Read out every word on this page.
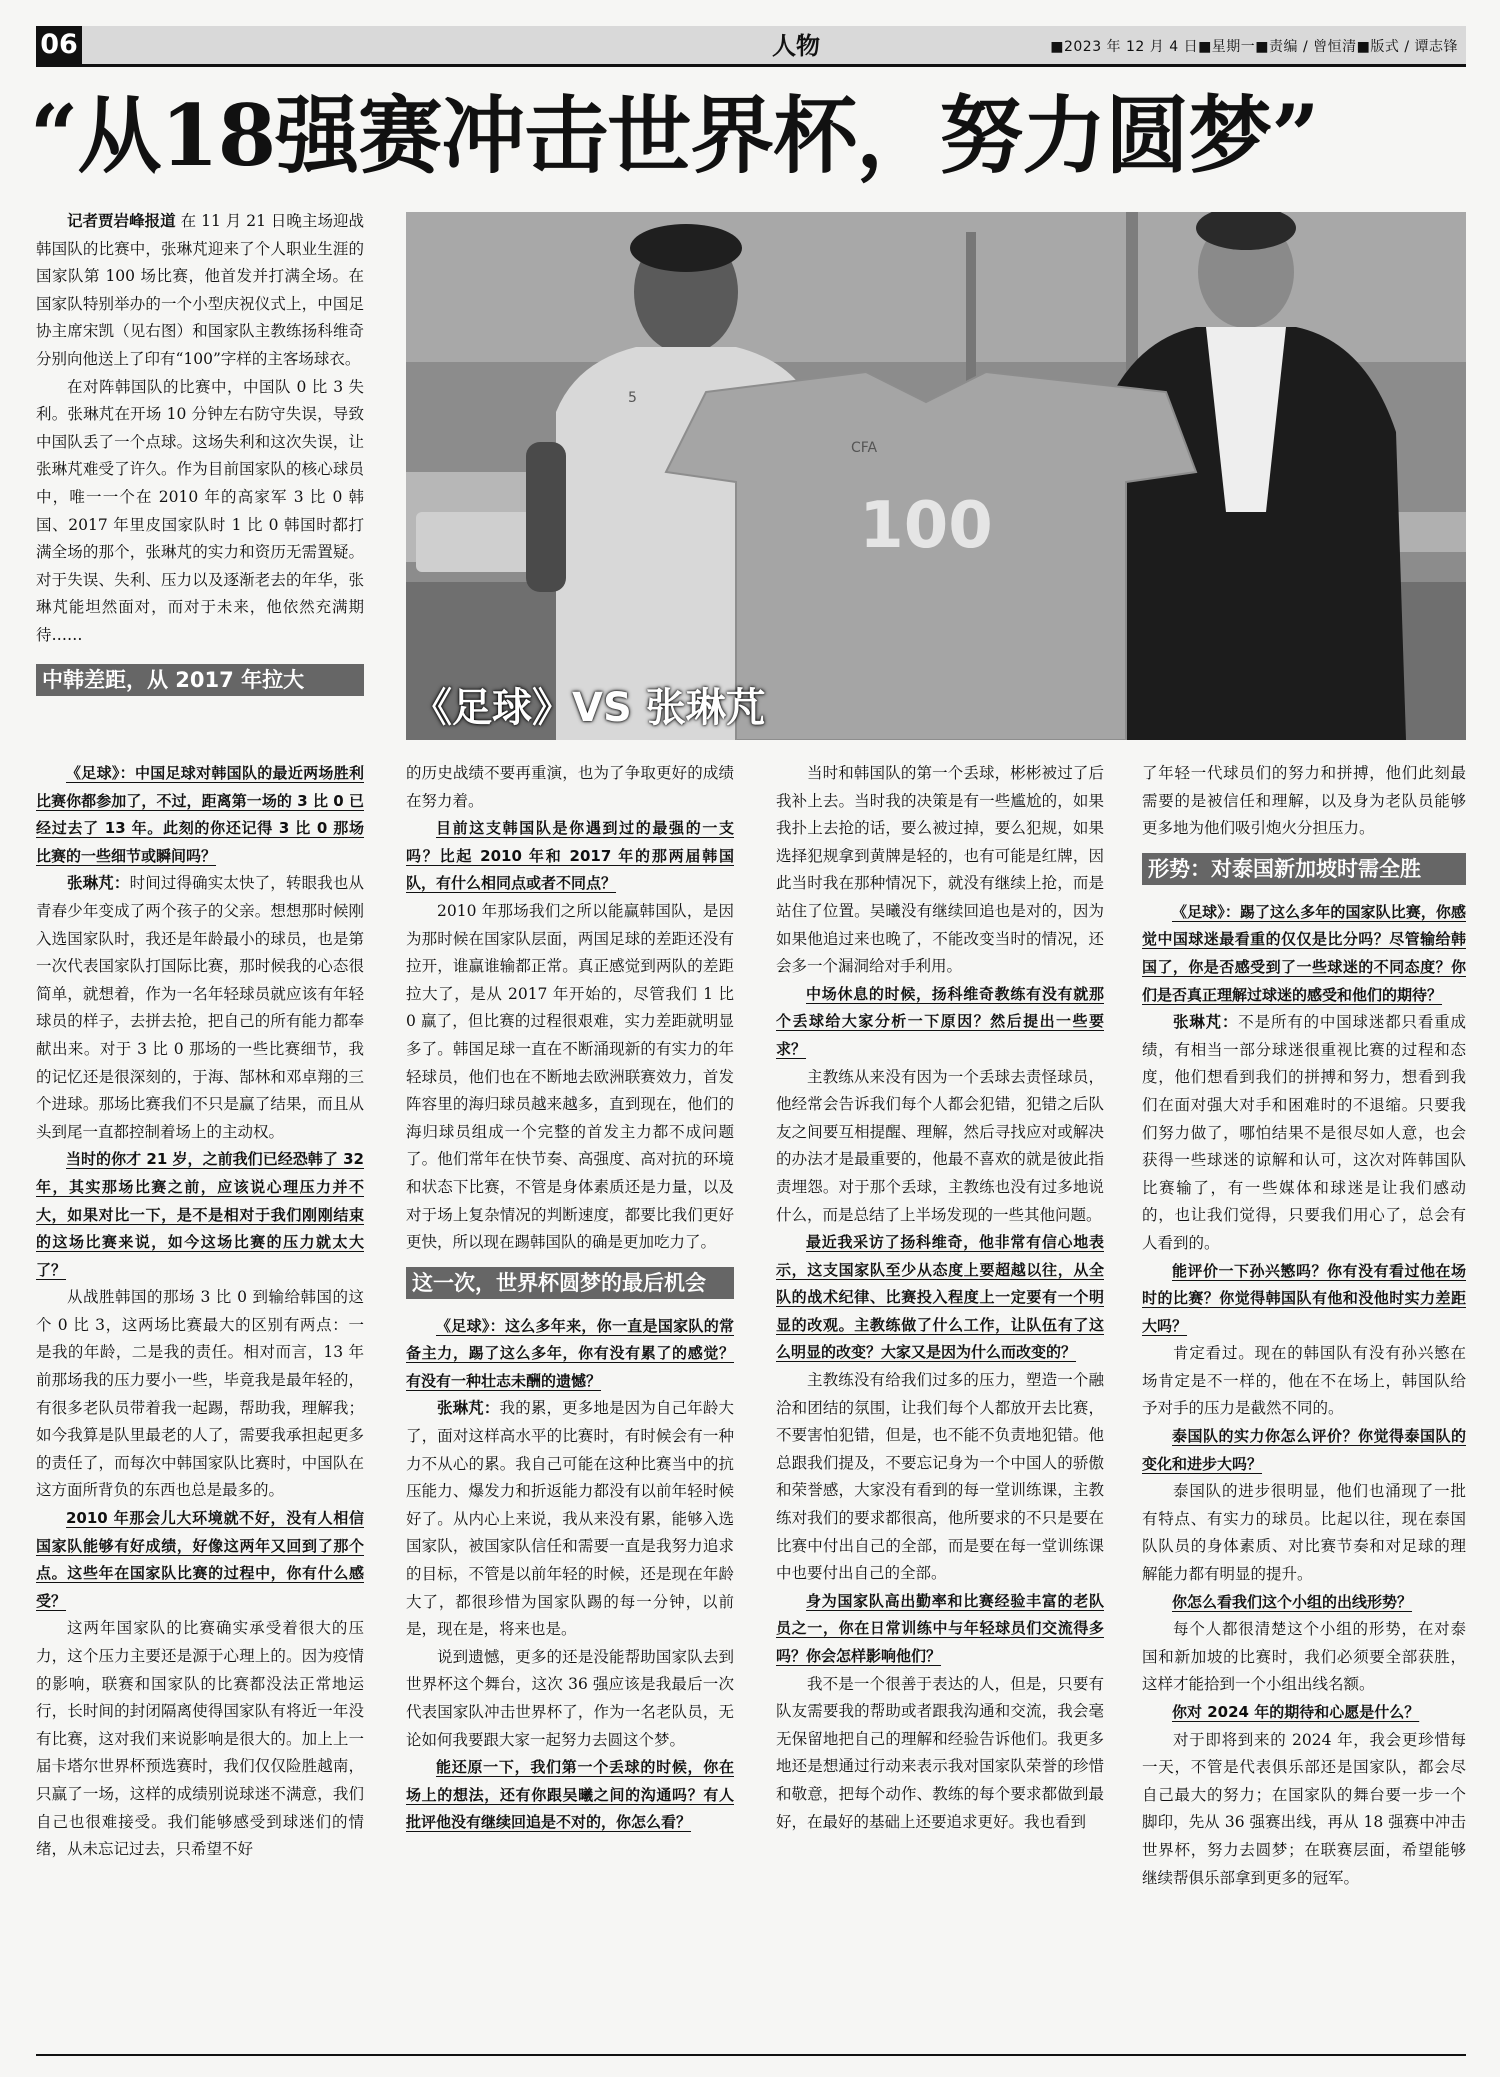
06	人物	■2023 年 12 月 4 日■星期一■责编 / 曾恒清■版式 / 谭志锋
“从18强赛冲击世界杯，努力圆梦”
100
CFA
5
《足球》VS 张琳芃

记者贾岩峰报道 在 11 月 21 日晚主场迎战韩国队的比赛中，张琳芃迎来了个人职业生涯的国家队第 100 场比赛，他首发并打满全场。在国家队特别举办的一个小型庆祝仪式上，中国足协主席宋凯（见右图）和国家队主教练扬科维奇分别向他送上了印有“100”字样的主客场球衣。

在对阵韩国队的比赛中，中国队 0 比 3 失利。张琳芃在开场 10 分钟左右防守失误，导致中国队丢了一个点球。这场失利和这次失误，让张琳芃难受了许久。作为目前国家队的核心球员中，唯一一个在 2010 年的高家军 3 比 0 韩国、2017 年里皮国家队时 1 比 0 韩国时都打满全场的那个，张琳芃的实力和资历无需置疑。对于失误、失利、压力以及逐渐老去的年华，张琳芃能坦然面对，而对于未来，他依然充满期待……

中韩差距，从 2017 年拉大

《足球》：中国足球对韩国队的最近两场胜利比赛你都参加了，不过，距离第一场的 3 比 0 已经过去了 13 年。此刻的你还记得 3 比 0 那场比赛的一些细节或瞬间吗？

张琳芃：时间过得确实太快了，转眼我也从青春少年变成了两个孩子的父亲。想想那时候刚入选国家队时，我还是年龄最小的球员，也是第一次代表国家队打国际比赛，那时候我的心态很简单，就想着，作为一名年轻球员就应该有年轻球员的样子，去拼去抢，把自己的所有能力都奉献出来。对于 3 比 0 那场的一些比赛细节，我的记忆还是很深刻的，于海、郜林和邓卓翔的三个进球。那场比赛我们不只是赢了结果，而且从头到尾一直都控制着场上的主动权。

当时的你才 21 岁，之前我们已经恐韩了 32 年，其实那场比赛之前，应该说心理压力并不大，如果对比一下，是不是相对于我们刚刚结束的这场比赛来说，如今这场比赛的压力就太大了？

从战胜韩国的那场 3 比 0 到输给韩国的这个 0 比 3，这两场比赛最大的区别有两点：一是我的年龄，二是我的责任。相对而言，13 年前那场我的压力要小一些，毕竟我是最年轻的，有很多老队员带着我一起踢，帮助我，理解我；如今我算是队里最老的人了，需要我承担起更多的责任了，而每次中韩国家队比赛时，中国队在这方面所背负的东西也总是最多的。

2010 年那会儿大环境就不好，没有人相信国家队能够有好成绩，好像这两年又回到了那个点。这些年在国家队比赛的过程中，你有什么感受？

这两年国家队的比赛确实承受着很大的压力，这个压力主要还是源于心理上的。因为疫情的影响，联赛和国家队的比赛都没法正常地运行，长时间的封闭隔离使得国家队有将近一年没有比赛，这对我们来说影响是很大的。加上上一届卡塔尔世界杯预选赛时，我们仅仅险胜越南，只赢了一场，这样的成绩别说球迷不满意，我们自己也很难接受。我们能够感受到球迷们的情绪，从未忘记过去，只希望不好

的历史战绩不要再重演，也为了争取更好的成绩在努力着。

目前这支韩国队是你遇到过的最强的一支吗？比起 2010 年和 2017 年的那两届韩国队，有什么相同点或者不同点？

2010 年那场我们之所以能赢韩国队，是因为那时候在国家队层面，两国足球的差距还没有拉开，谁赢谁输都正常。真正感觉到两队的差距拉大了，是从 2017 年开始的，尽管我们 1 比 0 赢了，但比赛的过程很艰难，实力差距就明显多了。韩国足球一直在不断涌现新的有实力的年轻球员，他们也在不断地去欧洲联赛效力，首发阵容里的海归球员越来越多，直到现在，他们的海归球员组成一个完整的首发主力都不成问题了。他们常年在快节奏、高强度、高对抗的环境和状态下比赛，不管是身体素质还是力量，以及对于场上复杂情况的判断速度，都要比我们更好更快，所以现在踢韩国队的确是更加吃力了。

这一次，世界杯圆梦的最后机会

《足球》：这么多年来，你一直是国家队的常备主力，踢了这么多年，你有没有累了的感觉？有没有一种壮志未酬的遗憾？

张琳芃：我的累，更多地是因为自己年龄大了，面对这样高水平的比赛时，有时候会有一种力不从心的累。我自己可能在这种比赛当中的抗压能力、爆发力和折返能力都没有以前年轻时候好了。从内心上来说，我从来没有累，能够入选国家队，被国家队信任和需要一直是我努力追求的目标，不管是以前年轻的时候，还是现在年龄大了，都很珍惜为国家队踢的每一分钟，以前是，现在是，将来也是。

说到遗憾，更多的还是没能帮助国家队去到世界杯这个舞台，这次 36 强应该是我最后一次代表国家队冲击世界杯了，作为一名老队员，无论如何我要跟大家一起努力去圆这个梦。

能还原一下，我们第一个丢球的时候，你在场上的想法，还有你跟吴曦之间的沟通吗？有人批评他没有继续回追是不对的，你怎么看？

当时和韩国队的第一个丢球，彬彬被过了后我补上去。当时我的决策是有一些尴尬的，如果我扑上去抢的话，要么被过掉，要么犯规，如果选择犯规拿到黄牌是轻的，也有可能是红牌，因此当时我在那种情况下，就没有继续上抢，而是站住了位置。吴曦没有继续回追也是对的，因为如果他追过来也晚了，不能改变当时的情况，还会多一个漏洞给对手利用。

中场休息的时候，扬科维奇教练有没有就那个丢球给大家分析一下原因？然后提出一些要求？

主教练从来没有因为一个丢球去责怪球员，他经常会告诉我们每个人都会犯错，犯错之后队友之间要互相提醒、理解，然后寻找应对或解决的办法才是最重要的，他最不喜欢的就是彼此指责埋怨。对于那个丢球，主教练也没有过多地说什么，而是总结了上半场发现的一些其他问题。

最近我采访了扬科维奇，他非常有信心地表示，这支国家队至少从态度上要超越以往，从全队的战术纪律、比赛投入程度上一定要有一个明显的改观。主教练做了什么工作，让队伍有了这么明显的改变？大家又是因为什么而改变的？

主教练没有给我们过多的压力，塑造一个融洽和团结的氛围，让我们每个人都放开去比赛，不要害怕犯错，但是，也不能不负责地犯错。他总跟我们提及，不要忘记身为一个中国人的骄傲和荣誉感，大家没有看到的每一堂训练课，主教练对我们的要求都很高，他所要求的不只是要在比赛中付出自己的全部，而是要在每一堂训练课中也要付出自己的全部。

身为国家队高出勤率和比赛经验丰富的老队员之一，你在日常训练中与年轻球员们交流得多吗？你会怎样影响他们？

我不是一个很善于表达的人，但是，只要有队友需要我的帮助或者跟我沟通和交流，我会毫无保留地把自己的理解和经验告诉他们。我更多地还是想通过行动来表示我对国家队荣誉的珍惜和敬意，把每个动作、教练的每个要求都做到最好，在最好的基础上还要追求更好。我也看到

了年轻一代球员们的努力和拼搏，他们此刻最需要的是被信任和理解，以及身为老队员能够更多地为他们吸引炮火分担压力。

形势：对泰国新加坡时需全胜

《足球》：踢了这么多年的国家队比赛，你感觉中国球迷最看重的仅仅是比分吗？尽管输给韩国了，你是否感受到了一些球迷的不同态度？你们是否真正理解过球迷的感受和他们的期待？

张琳芃：不是所有的中国球迷都只看重成绩，有相当一部分球迷很重视比赛的过程和态度，他们想看到我们的拼搏和努力，想看到我们在面对强大对手和困难时的不退缩。只要我们努力做了，哪怕结果不是很尽如人意，也会获得一些球迷的谅解和认可，这次对阵韩国队比赛输了，有一些媒体和球迷是让我们感动的，也让我们觉得，只要我们用心了，总会有人看到的。

能评价一下孙兴慜吗？你有没有看过他在场时的比赛？你觉得韩国队有他和没他时实力差距大吗？

肯定看过。现在的韩国队有没有孙兴慜在场肯定是不一样的，他在不在场上，韩国队给予对手的压力是截然不同的。

泰国队的实力你怎么评价？你觉得泰国队的变化和进步大吗？

泰国队的进步很明显，他们也涌现了一批有特点、有实力的球员。比起以往，现在泰国队队员的身体素质、对比赛节奏和对足球的理解能力都有明显的提升。

你怎么看我们这个小组的出线形势？

每个人都很清楚这个小组的形势，在对泰国和新加坡的比赛时，我们必须要全部获胜，这样才能拾到一个小组出线名额。

你对 2024 年的期待和心愿是什么？

对于即将到来的 2024 年，我会更珍惜每一天，不管是代表俱乐部还是国家队，都会尽自己最大的努力；在国家队的舞台要一步一个脚印，先从 36 强赛出线，再从 18 强赛中冲击世界杯，努力去圆梦；在联赛层面，希望能够继续帮俱乐部拿到更多的冠军。
